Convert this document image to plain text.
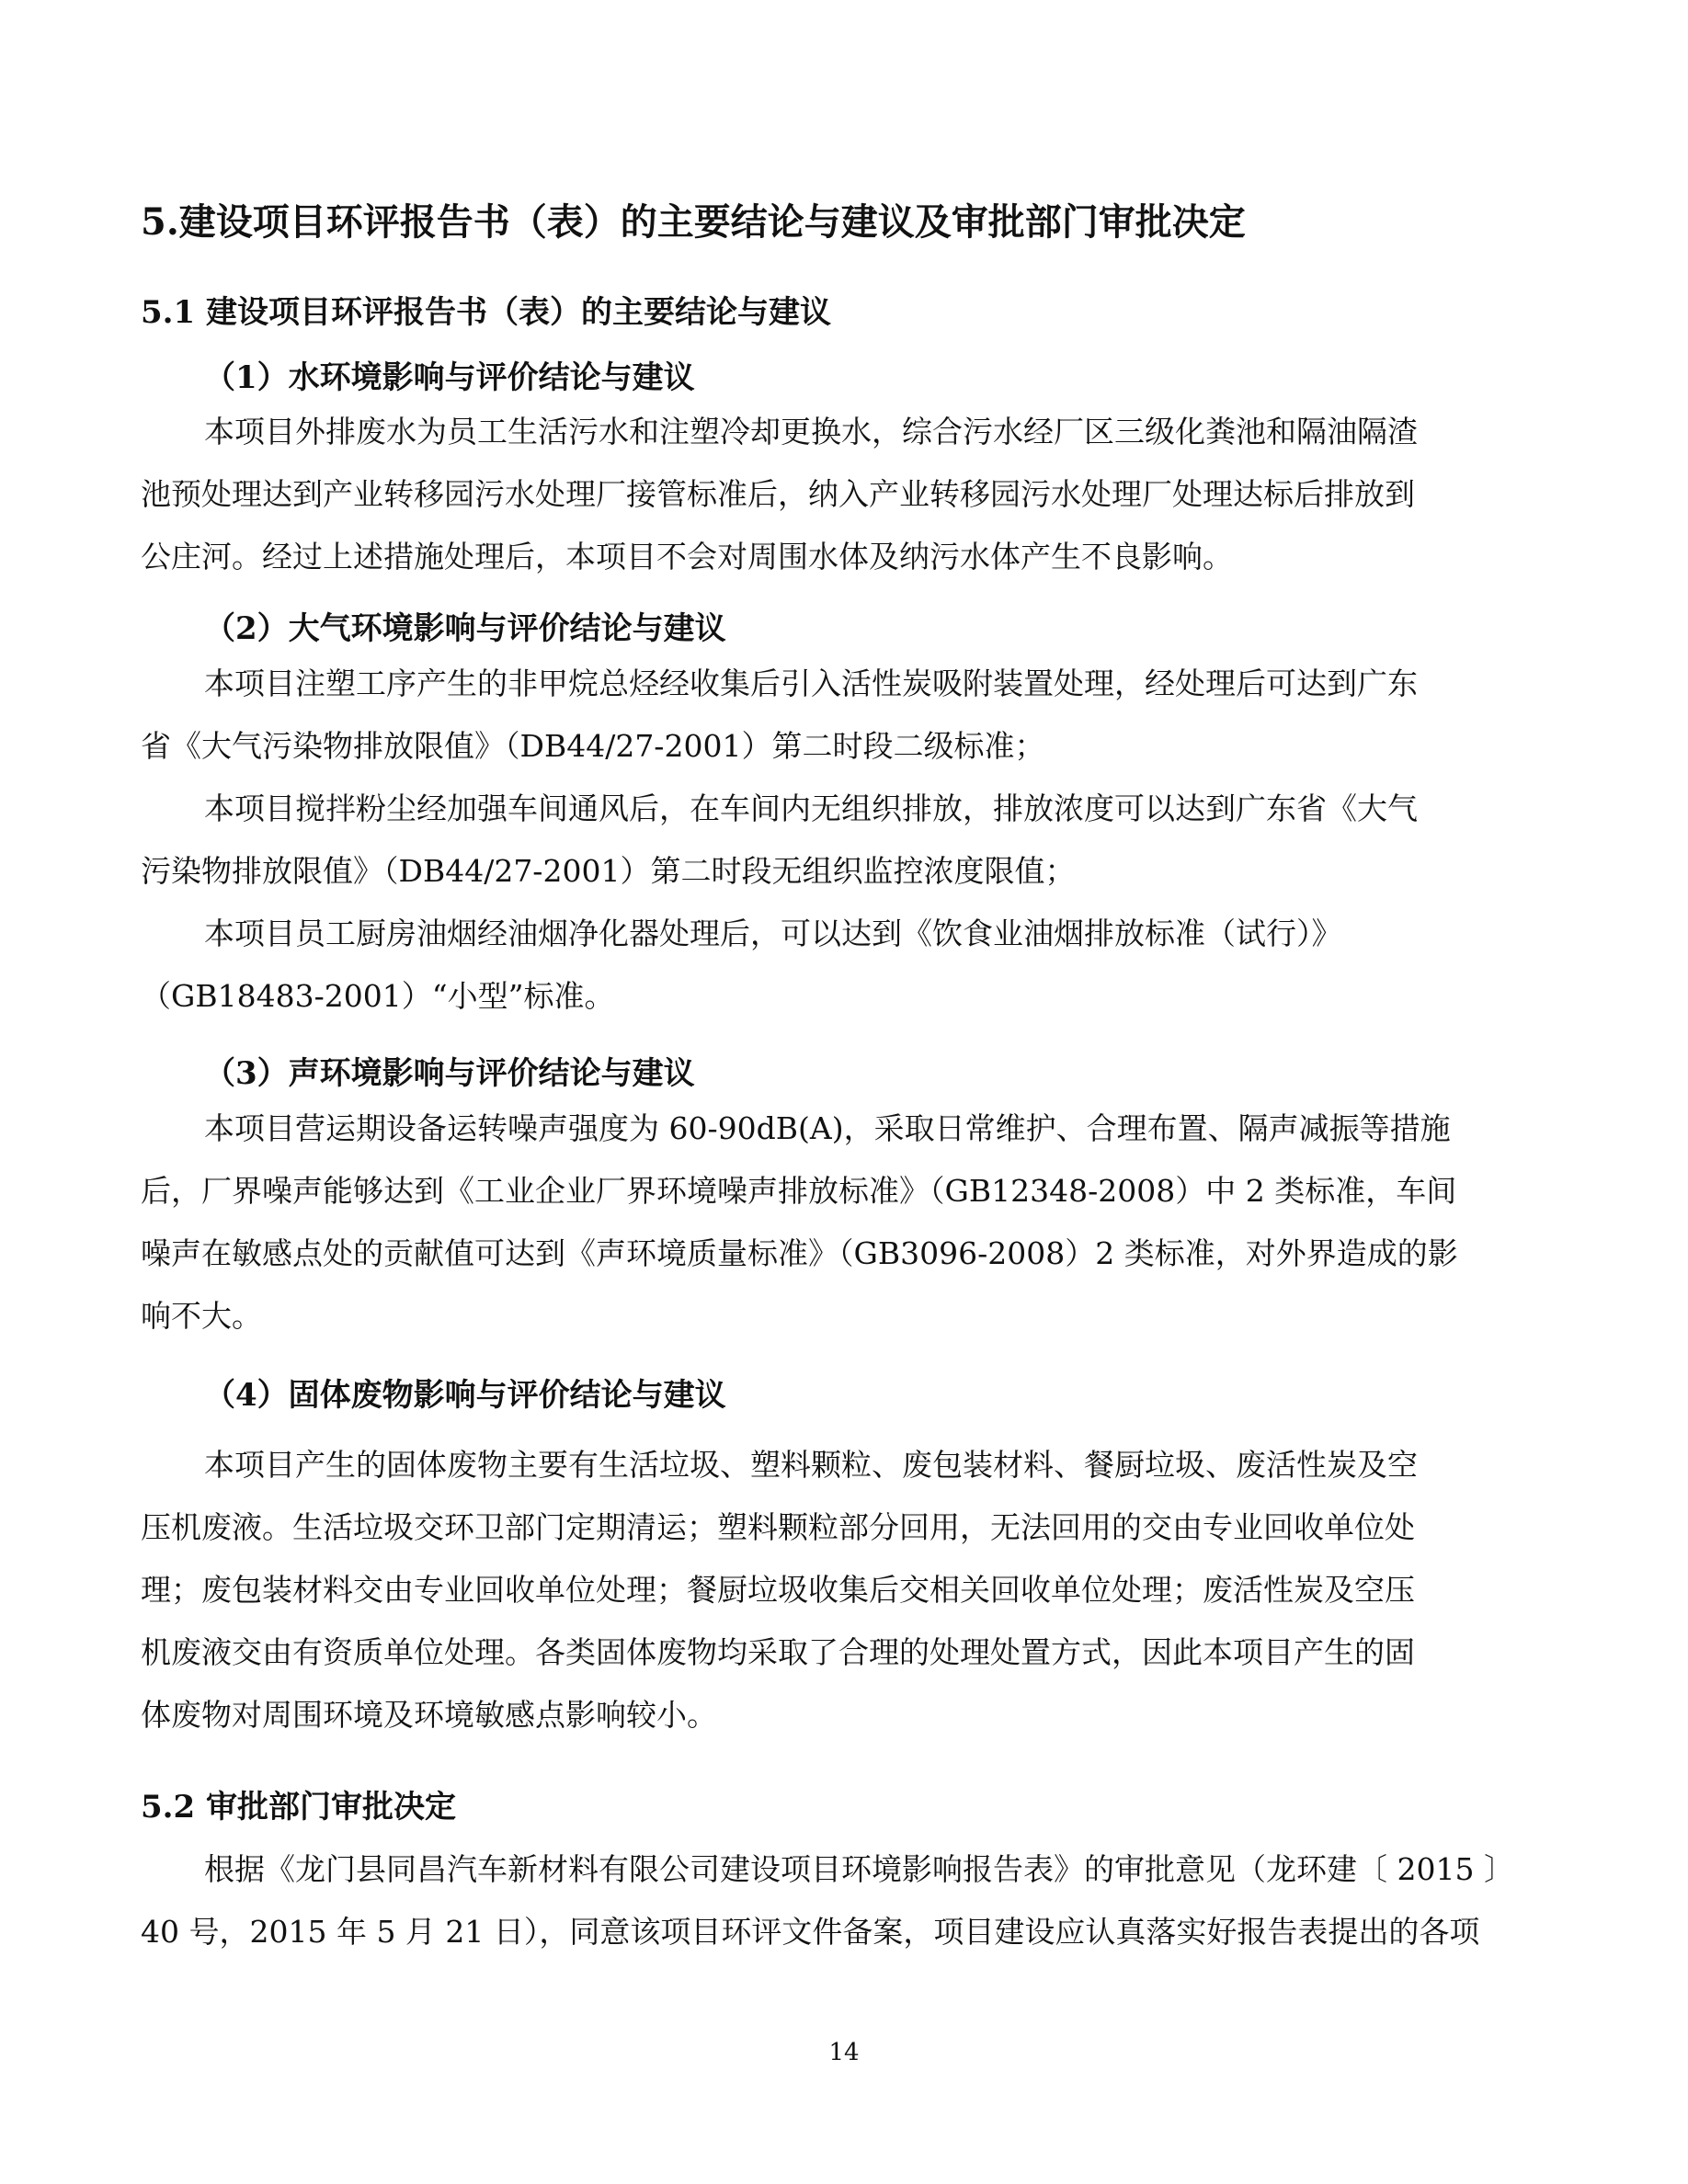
5.建设项目环评报告书（表）的主要结论与建议及审批部门审批决定
5.1 建设项目环评报告书（表）的主要结论与建议
（1）水环境影响与评价结论与建议
本项目外排废水为员工生活污水和注塑冷却更换水，综合污水经厂区三级化粪池和隔油隔渣
池预处理达到产业转移园污水处理厂接管标准后，纳入产业转移园污水处理厂处理达标后排放到
公庄河。经过上述措施处理后，本项目不会对周围水体及纳污水体产生不良影响。
（2）大气环境影响与评价结论与建议
本项目注塑工序产生的非甲烷总烃经收集后引入活性炭吸附装置处理，经处理后可达到广东
省《大气污染物排放限值》（DB44/27-2001）第二时段二级标准；
本项目搅拌粉尘经加强车间通风后，在车间内无组织排放，排放浓度可以达到广东省《大气
污染物排放限值》（DB44/27-2001）第二时段无组织监控浓度限值；
本项目员工厨房油烟经油烟净化器处理后，可以达到《饮食业油烟排放标准（试行）》
（GB18483-2001）“小型”标准。
（3）声环境影响与评价结论与建议
本项目营运期设备运转噪声强度为 60-90dB(A)，采取日常维护、合理布置、隔声减振等措施
后，厂界噪声能够达到《工业企业厂界环境噪声排放标准》（GB12348-2008）中 2 类标准，车间
噪声在敏感点处的贡献值可达到《声环境质量标准》（GB3096-2008）2 类标准，对外界造成的影
响不大。
（4）固体废物影响与评价结论与建议
本项目产生的固体废物主要有生活垃圾、塑料颗粒、废包装材料、餐厨垃圾、废活性炭及空
压机废液。生活垃圾交环卫部门定期清运；塑料颗粒部分回用，无法回用的交由专业回收单位处
理；废包装材料交由专业回收单位处理；餐厨垃圾收集后交相关回收单位处理；废活性炭及空压
机废液交由有资质单位处理。各类固体废物均采取了合理的处理处置方式，因此本项目产生的固
体废物对周围环境及环境敏感点影响较小。
5.2 审批部门审批决定
根据《龙门县同昌汽车新材料有限公司建设项目环境影响报告表》的审批意见（龙环建〔 2015 〕
40 号，2015 年 5 月 21 日），同意该项目环评文件备案，项目建设应认真落实好报告表提出的各项
14
